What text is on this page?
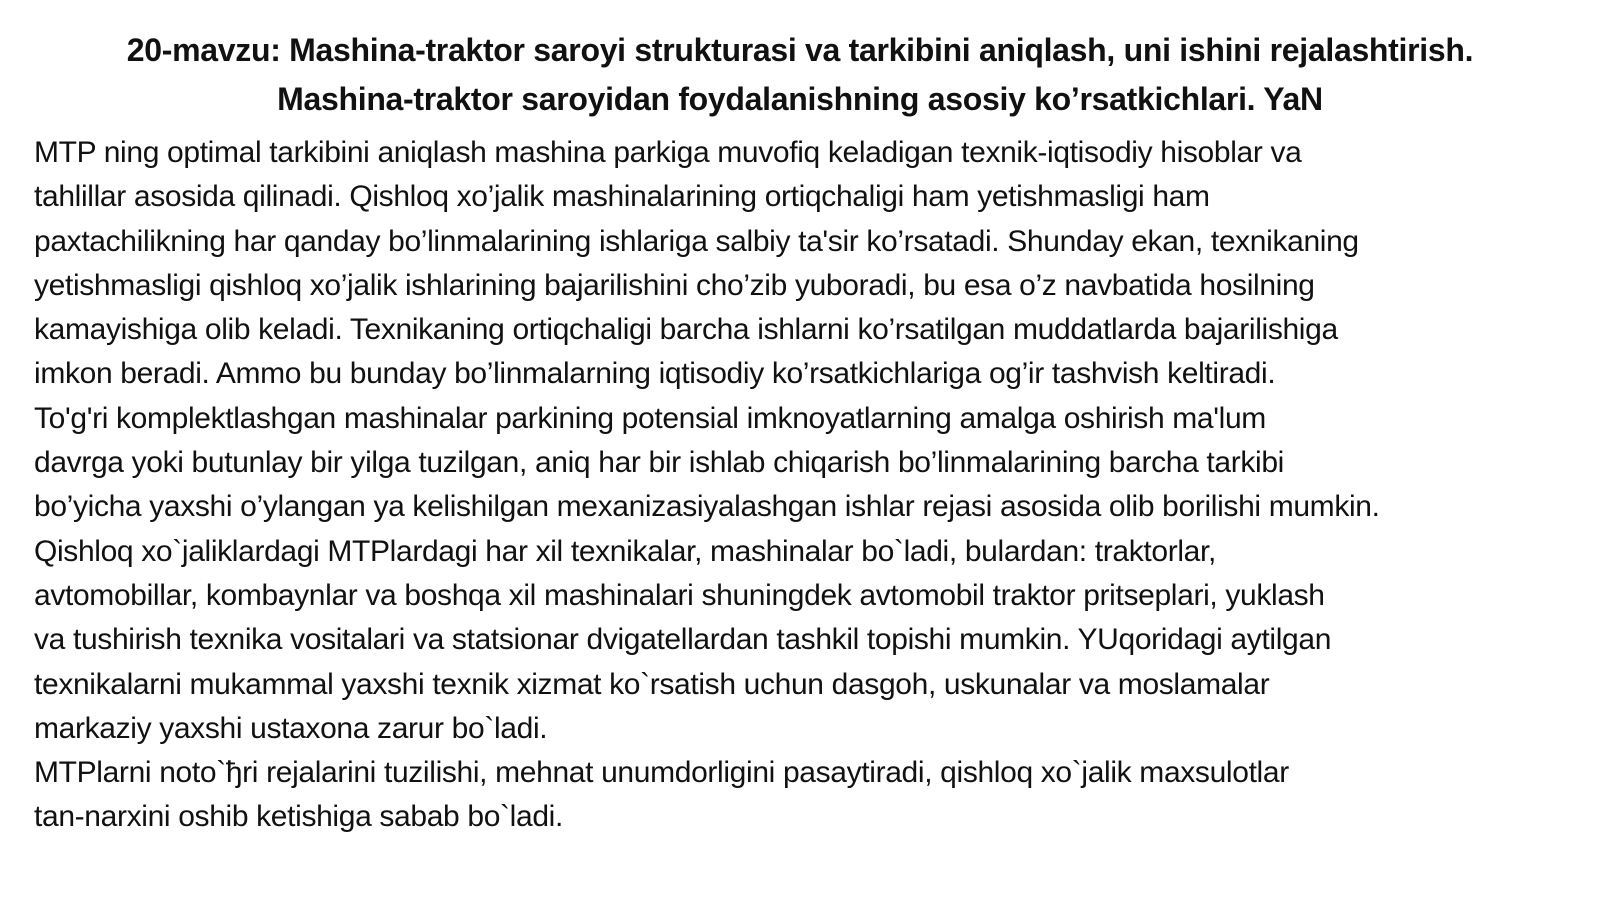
20-mavzu: Mashina-traktor saroyi strukturasi va tarkibini aniqlash, uni ishini rejalashtirish.
Mashina-traktor saroyidan foydalanishning asosiy ko’rsatkichlari. YaN
MTP ning optimal tarkibini aniqlash mashina parkiga muvofiq keladigan texnik-iqtisodiy hisoblar va
tahlillar asosida qilinadi. Qishloq xo’jalik mashinalarining ortiqchaligi ham yetishmasligi ham
paxtachilikning har qanday bo’linmalarining ishlariga salbiy ta'sir ko’rsatadi. Shunday ekan, texnikaning
yetishmasligi qishloq xo’jalik ishlarining bajarilishini cho’zib yuboradi, bu esa o’z navbatida hosilning
kamayishiga olib keladi. Texnikaning ortiqchaligi barcha ishlarni ko’rsatilgan muddatlarda bajarilishiga
imkon beradi. Ammo bu bunday bo’linmalarning iqtisodiy ko’rsatkichlariga og’ir tashvish keltiradi.
To'g'ri komplektlashgan mashinalar parkining potensial imknoyatlarning amalga oshirish ma'lum
davrga yoki butunlay bir yilga tuzilgan, aniq har bir ishlab chiqarish bo’linmalarining barcha tarkibi
bo’yicha yaxshi o’ylangan ya kelishilgan mexanizasiyalashgan ishlar rejasi asosida olib borilishi mumkin.
Qishloq xo`jaliklardagi MTPlardagi har xil texnikalar, mashinalar bo`ladi, bulardan: traktorlar,
avtomobillar, kombaynlar va boshqa xil mashinalari shuningdek avtomobil traktor pritseplari, yuklash
va tushirish texnika vositalari va statsionar dvigatellardan tashkil topishi mumkin. YUqoridagi aytilgan
texnikalarni mukammal yaxshi texnik xizmat ko`rsatish uchun dasgoh, uskunalar va moslamalar
markaziy yaxshi ustaxona zarur bo`ladi.
MTPlarni noto`ђri rejalarini tuzilishi, mehnat unumdorligini pasaytiradi, qishloq xo`jalik maxsulotlar
tan-narxini oshib ketishiga sabab bo`ladi.
